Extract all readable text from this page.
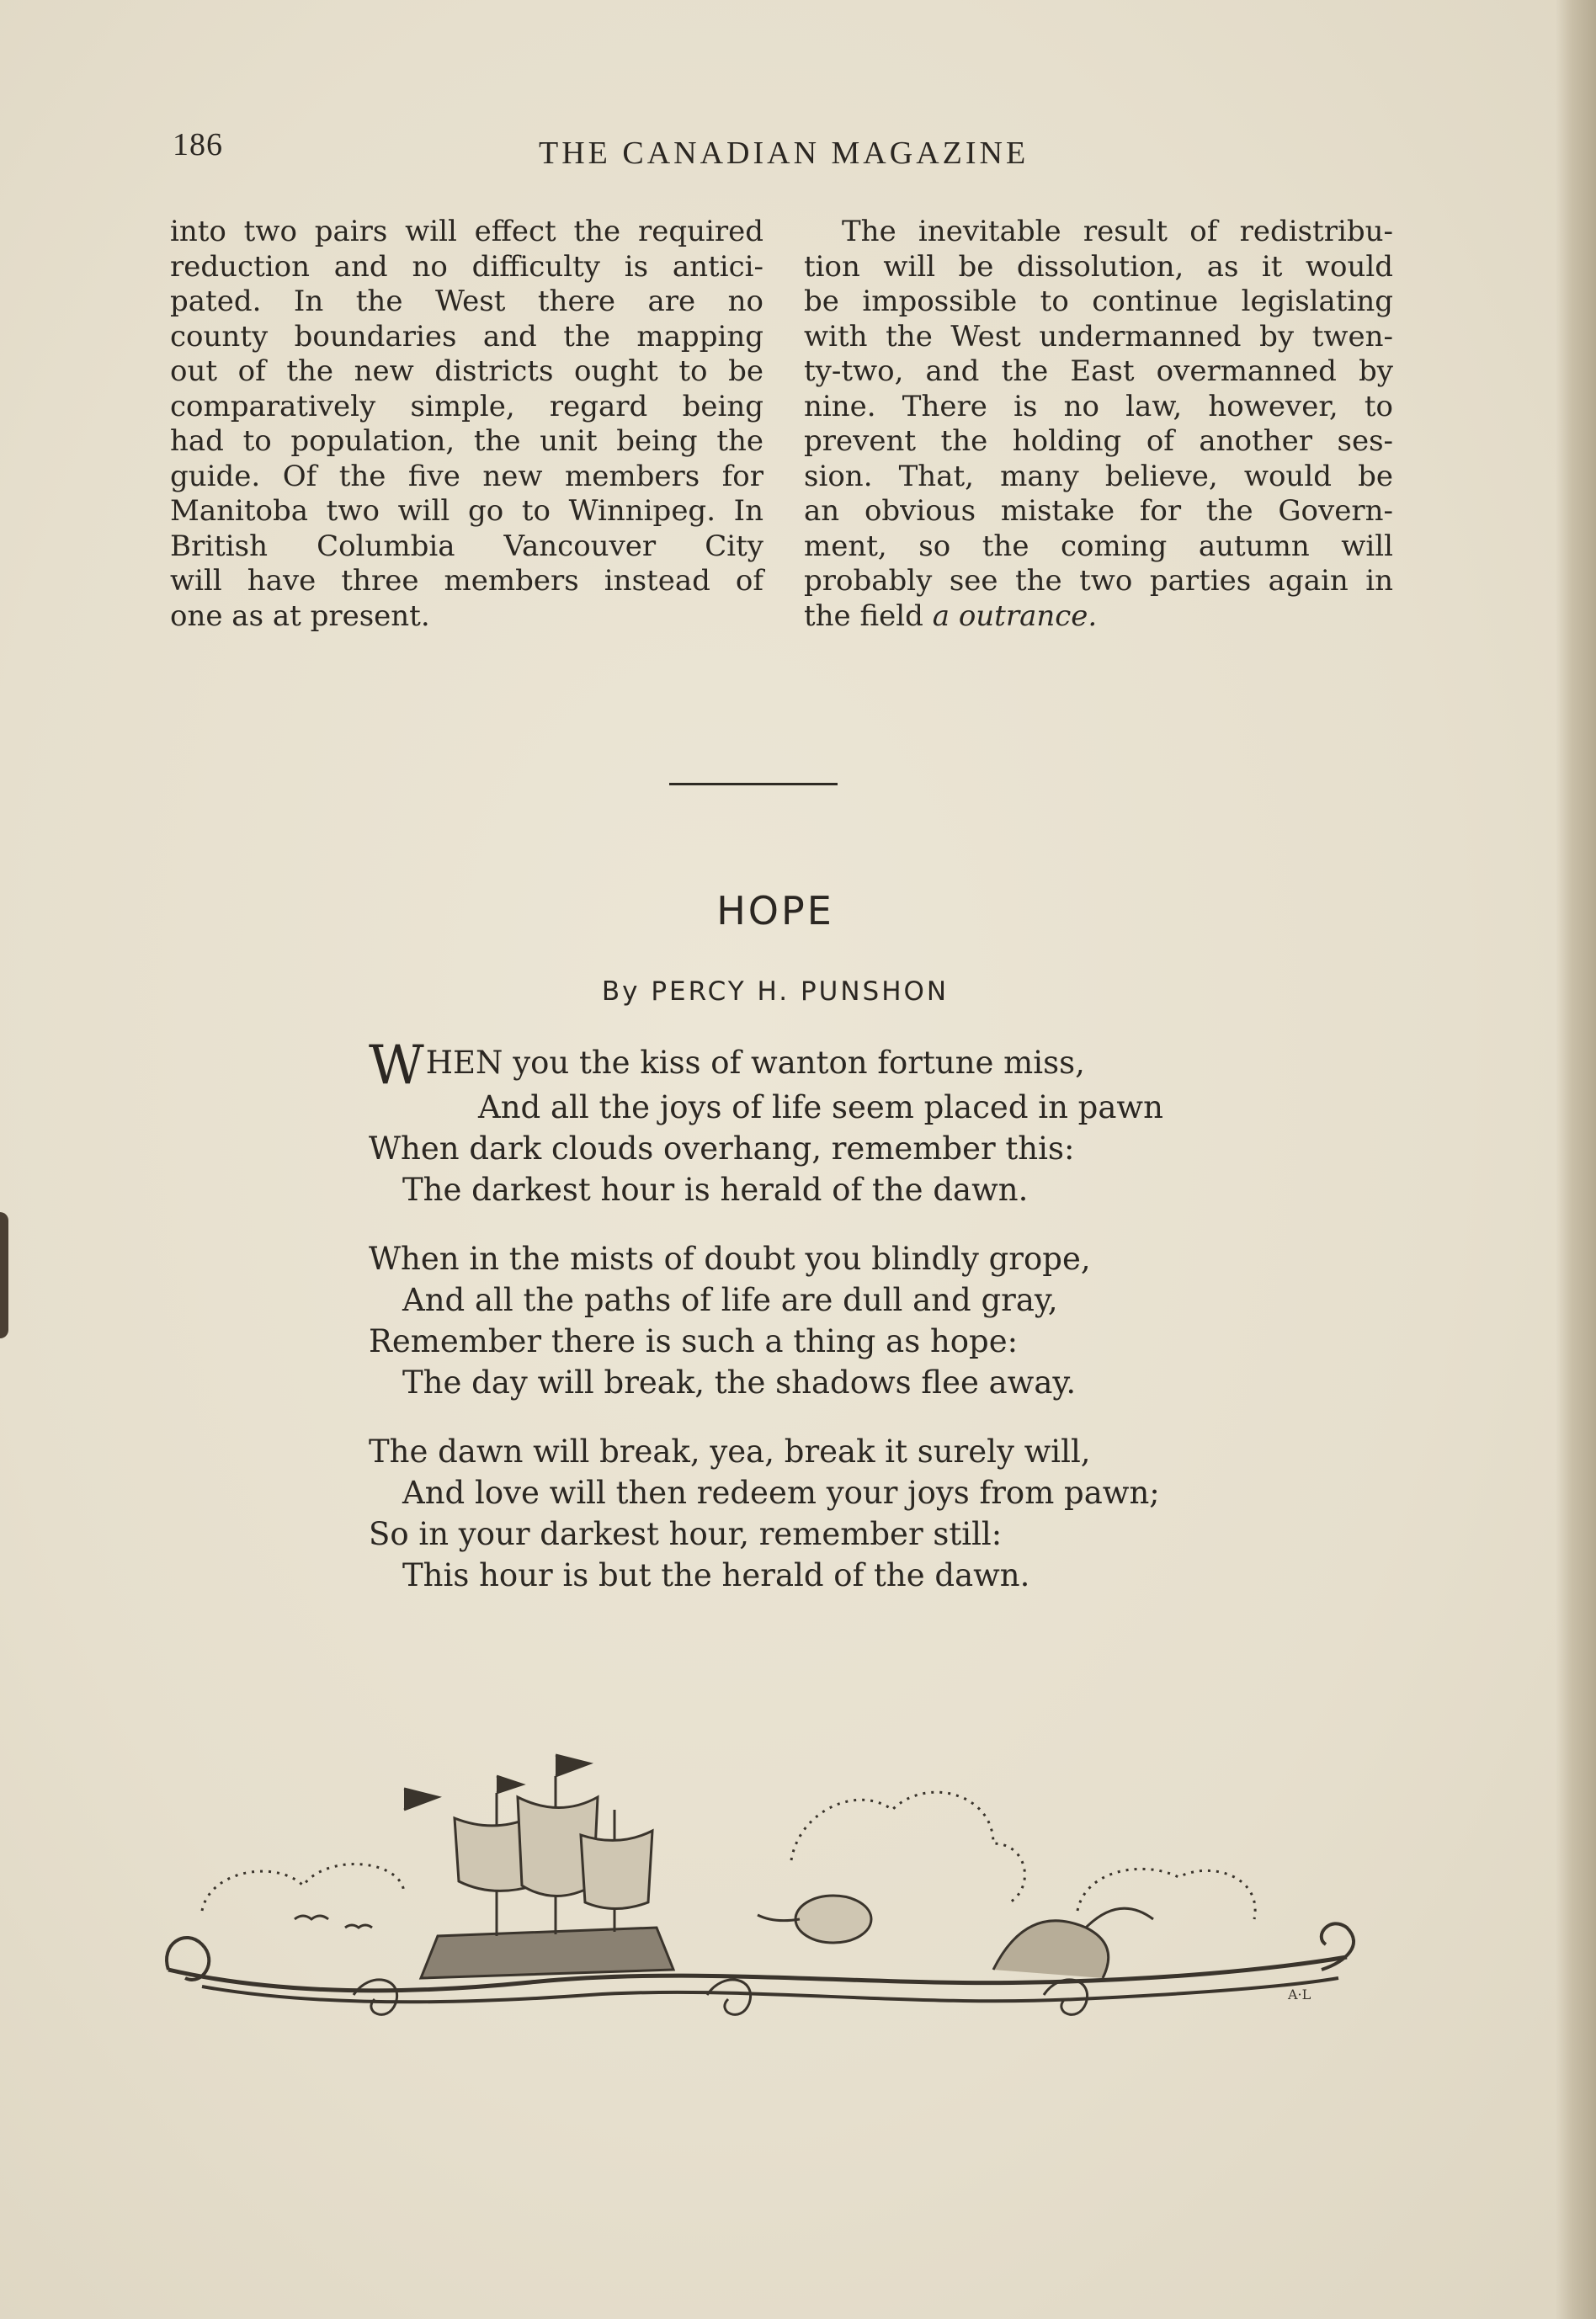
186	THE CANADIAN MAGAZINE
into two pairs will effect the required
reduction and no difficulty is antici-
pated. In the West there are no
county boundaries and the mapping
out of the new districts ought to be
comparatively simple, regard being
had to population, the unit being the
guide. Of the five new members for
Manitoba two will go to Winnipeg. In
British Columbia Vancouver City
will have three members instead of
one as at present.
The inevitable result of redistribu-
tion will be dissolution, as it would
be impossible to continue legislating
with the West undermanned by twen-
ty-two, and the East overmanned by
nine. There is no law, however, to
prevent the holding of another ses-
sion. That, many believe, would be
an obvious mistake for the Govern-
ment, so the coming autumn will
probably see the two parties again in
the field a outrance.
HOPE
By PERCY H. PUNSHON
WHEN you the kiss of wanton fortune miss,
And all the joys of life seem placed in pawn
When dark clouds overhang, remember this:
The darkest hour is herald of the dawn.
When in the mists of doubt you blindly grope,
And all the paths of life are dull and gray,
Remember there is such a thing as hope:
The day will break, the shadows flee away.
The dawn will break, yea, break it surely will,
And love will then redeem your joys from pawn;
So in your darkest hour, remember still:
This hour is but the herald of the dawn.
A·L
